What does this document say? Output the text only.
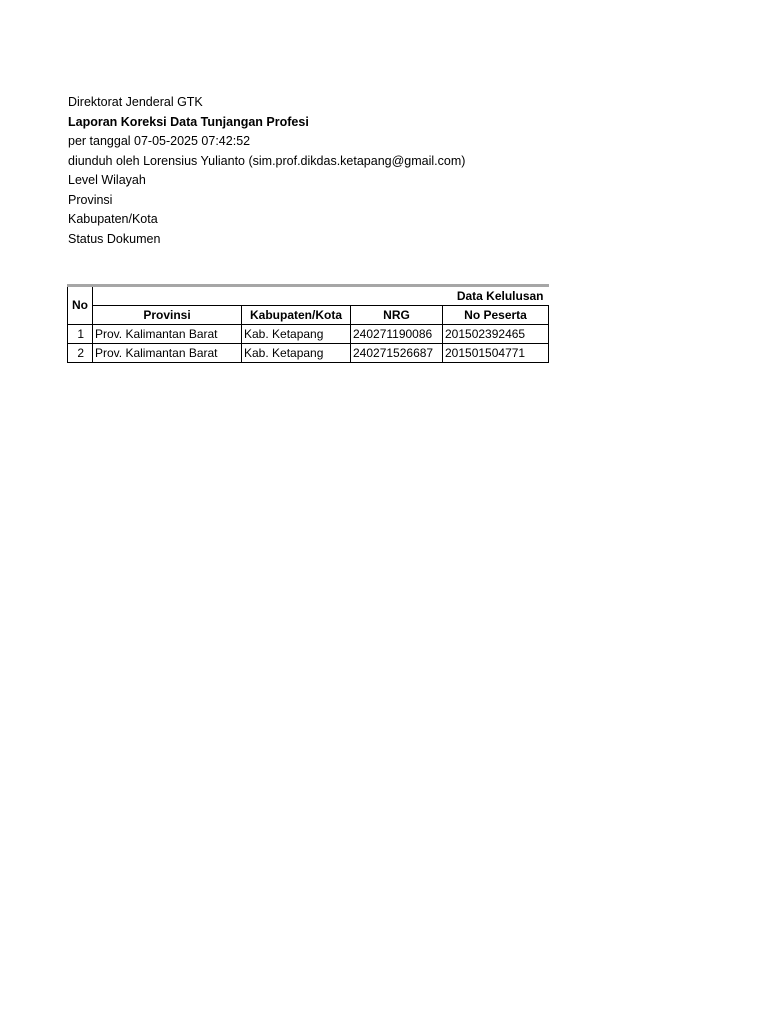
Direktorat Jenderal GTK
Laporan Koreksi Data Tunjangan Profesi
per tanggal 07-05-2025 07:42:52
diunduh oleh Lorensius Yulianto (sim.prof.dikdas.ketapang@gmail.com)
Level Wilayah
Provinsi
Kabupaten/Kota
Status Dokumen
No	Data Kelulusan			
	Provinsi	Kabupaten/Kota	NRG	No Peserta
1	Prov. Kalimantan Barat	Kab. Ketapang	240271190086	201502392465
2	Prov. Kalimantan Barat	Kab. Ketapang	240271526687	201501504771
